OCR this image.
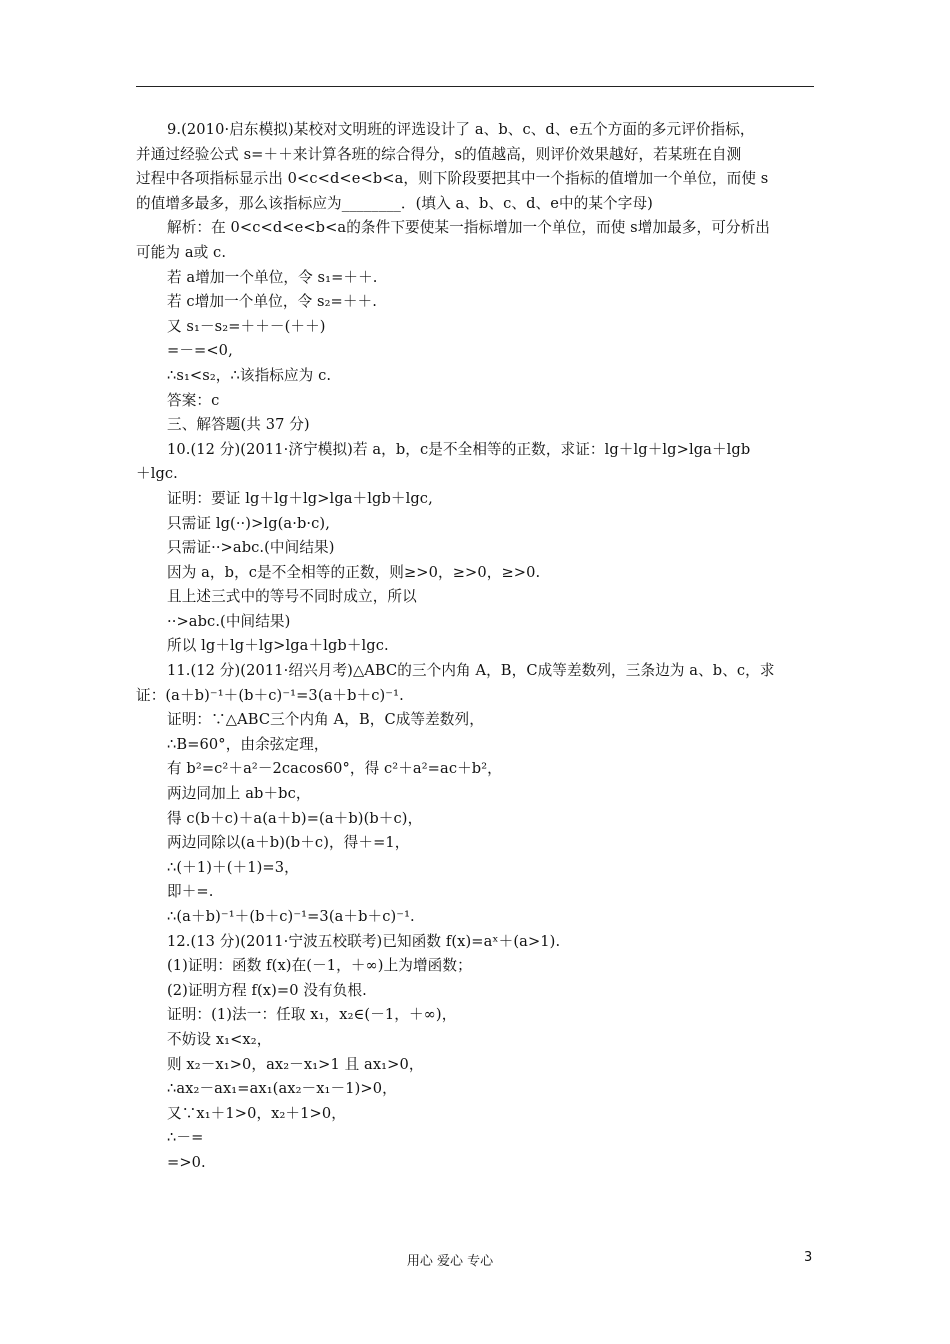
9.(2010·启东模拟)某校对文明班的评选设计了 a、b、c、d、e五个方面的多元评价指标，
并通过经验公式 s=＋＋来计算各班的综合得分，s的值越高，则评价效果越好，若某班在自测
过程中各项指标显示出 0<c<d<e<b<a，则下阶段要把其中一个指标的值增加一个单位，而使 s
的值增多最多，那么该指标应为________．(填入 a、b、c、d、e中的某个字母)
解析：在 0<c<d<e<b<a的条件下要使某一指标增加一个单位，而使 s增加最多，可分析出
可能为 a或 c.
若 a增加一个单位，令 s₁=＋＋.
若 c增加一个单位，令 s₂=＋＋.
又 s₁－s₂=＋＋－(＋＋)
=－=<0,
∴s₁<s₂，∴该指标应为 c.
答案：c
三、解答题(共 37 分)
10.(12 分)(2011·济宁模拟)若 a，b，c是不全相等的正数，求证：lg＋lg＋lg>lga＋lgb
＋lgc.
证明：要证 lg＋lg＋lg>lga＋lgb＋lgc,
只需证 lg(··)>lg(a·b·c),
只需证··>abc.(中间结果)
因为 a，b，c是不全相等的正数，则≥>0，≥>0，≥>0.
且上述三式中的等号不同时成立，所以
··>abc.(中间结果)
所以 lg＋lg＋lg>lga＋lgb＋lgc.
11.(12 分)(2011·绍兴月考)△ABC的三个内角 A，B，C成等差数列，三条边为 a、b、c，求
证：(a＋b)⁻¹＋(b＋c)⁻¹=3(a＋b＋c)⁻¹.
证明：∵△ABC三个内角 A，B，C成等差数列，
∴B=60°，由余弦定理，
有 b²=c²＋a²－2cacos60°，得 c²＋a²=ac＋b²，
两边同加上 ab＋bc，
得 c(b＋c)＋a(a＋b)=(a＋b)(b＋c)，
两边同除以(a＋b)(b＋c)，得＋=1，
∴(＋1)＋(＋1)=3，
即＋=.
∴(a＋b)⁻¹＋(b＋c)⁻¹=3(a＋b＋c)⁻¹.
12.(13 分)(2011·宁波五校联考)已知函数 f(x)=aˣ＋(a>1).
(1)证明：函数 f(x)在(－1，＋∞)上为增函数；
(2)证明方程 f(x)=0 没有负根.
证明：(1)法一：任取 x₁，x₂∈(－1，＋∞)，
不妨设 x₁<x₂，
则 x₂－x₁>0，ax₂－x₁>1 且 ax₁>0，
∴ax₂－ax₁=ax₁(ax₂－x₁－1)>0，
又∵x₁＋1>0，x₂＋1>0，
∴－=
=>0.
用心 爱心 专心	3
